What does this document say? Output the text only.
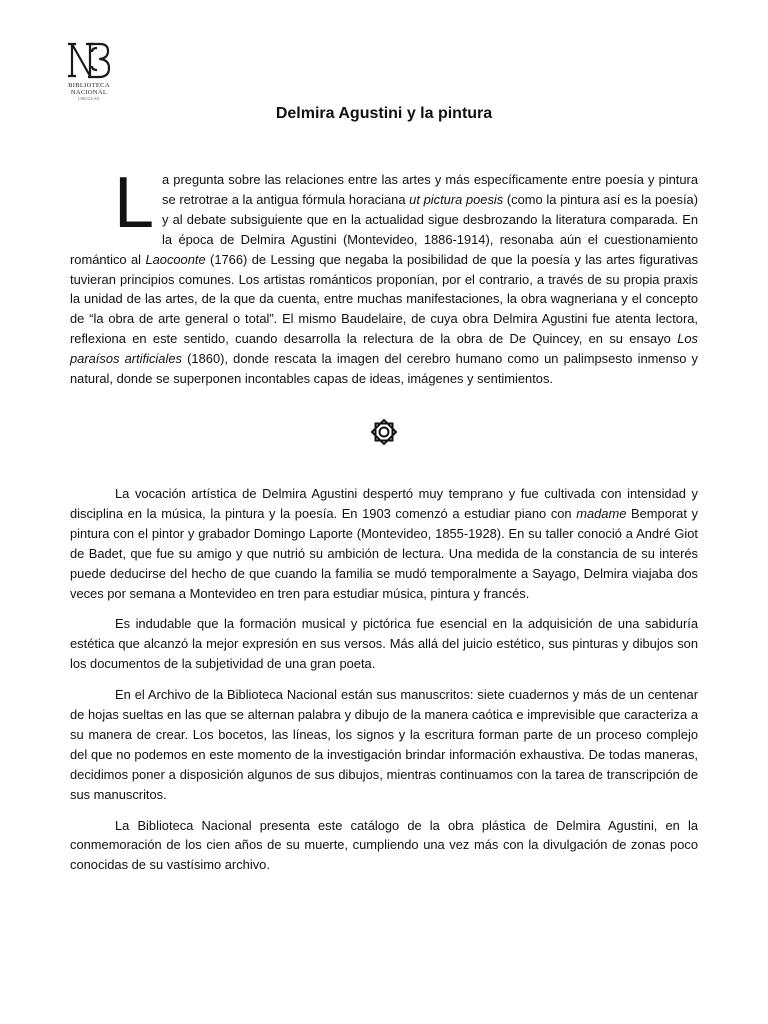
BIBLIOTECA
NACIONAL
URUGUAY
Delmira Agustini y la pintura

L a pregunta sobre las relaciones entre las artes y más específicamente entre poesía y pintura se retrotrae a la antigua fórmula horaciana ut pictura poesis (como la pintura así es la poesía) y al debate subsiguiente que en la actualidad sigue desbrozando la literatura comparada. En la época de Delmira Agustini (Montevideo, 1886-1914), resonaba aún el cuestionamiento romántico al Laocoonte (1766) de Lessing que negaba la posibilidad de que la poesía y las artes figurativas tuvieran principios comunes. Los artistas románticos proponían, por el contrario, a través de su propia praxis la unidad de las artes, de la que da cuenta, entre muchas manifestaciones, la obra wagneriana y el concepto de “la obra de arte general o total”. El mismo Baudelaire, de cuya obra Delmira Agustini fue atenta lectora, reflexiona en este sentido, cuando desarrolla la relectura de la obra de De Quincey, en su ensayo Los paraísos artificiales (1860), donde rescata la imagen del cerebro humano como un palimpsesto inmenso y natural, donde se superponen incontables capas de ideas, imágenes y sentimientos.

La vocación artística de Delmira Agustini despertó muy temprano y fue cultivada con intensidad y disciplina en la música, la pintura y la poesía. En 1903 comenzó a estudiar piano con madame Bemporat y pintura con el pintor y grabador Domingo Laporte (Montevideo, 1855-1928). En su taller conoció a André Giot de Badet, que fue su amigo y que nutrió su ambición de lectura. Una medida de la constancia de su interés puede deducirse del hecho de que cuando la familia se mudó temporalmente a Sayago, Delmira viajaba dos veces por semana a Montevideo en tren para estudiar música, pintura y francés.

Es indudable que la formación musical y pictórica fue esencial en la adquisición de una sabiduría estética que alcanzó la mejor expresión en sus versos. Más allá del juicio estético, sus pinturas y dibujos son los documentos de la subjetividad de una gran poeta.

En el Archivo de la Biblioteca Nacional están sus manuscritos: siete cuadernos y más de un centenar de hojas sueltas en las que se alternan palabra y dibujo de la manera caótica e imprevisible que caracteriza a su manera de crear. Los bocetos, las líneas, los signos y la escritura forman parte de un proceso complejo del que no podemos en este momento de la investigación brindar información exhaustiva. De todas maneras, decidimos poner a disposición algunos de sus dibujos, mientras continuamos con la tarea de transcripción de sus manuscritos.

La Biblioteca Nacional presenta este catálogo de la obra plástica de Delmira Agustini, en la conmemoración de los cien años de su muerte, cumpliendo una vez más con la divulgación de zonas poco conocidas de su vastísimo archivo.
